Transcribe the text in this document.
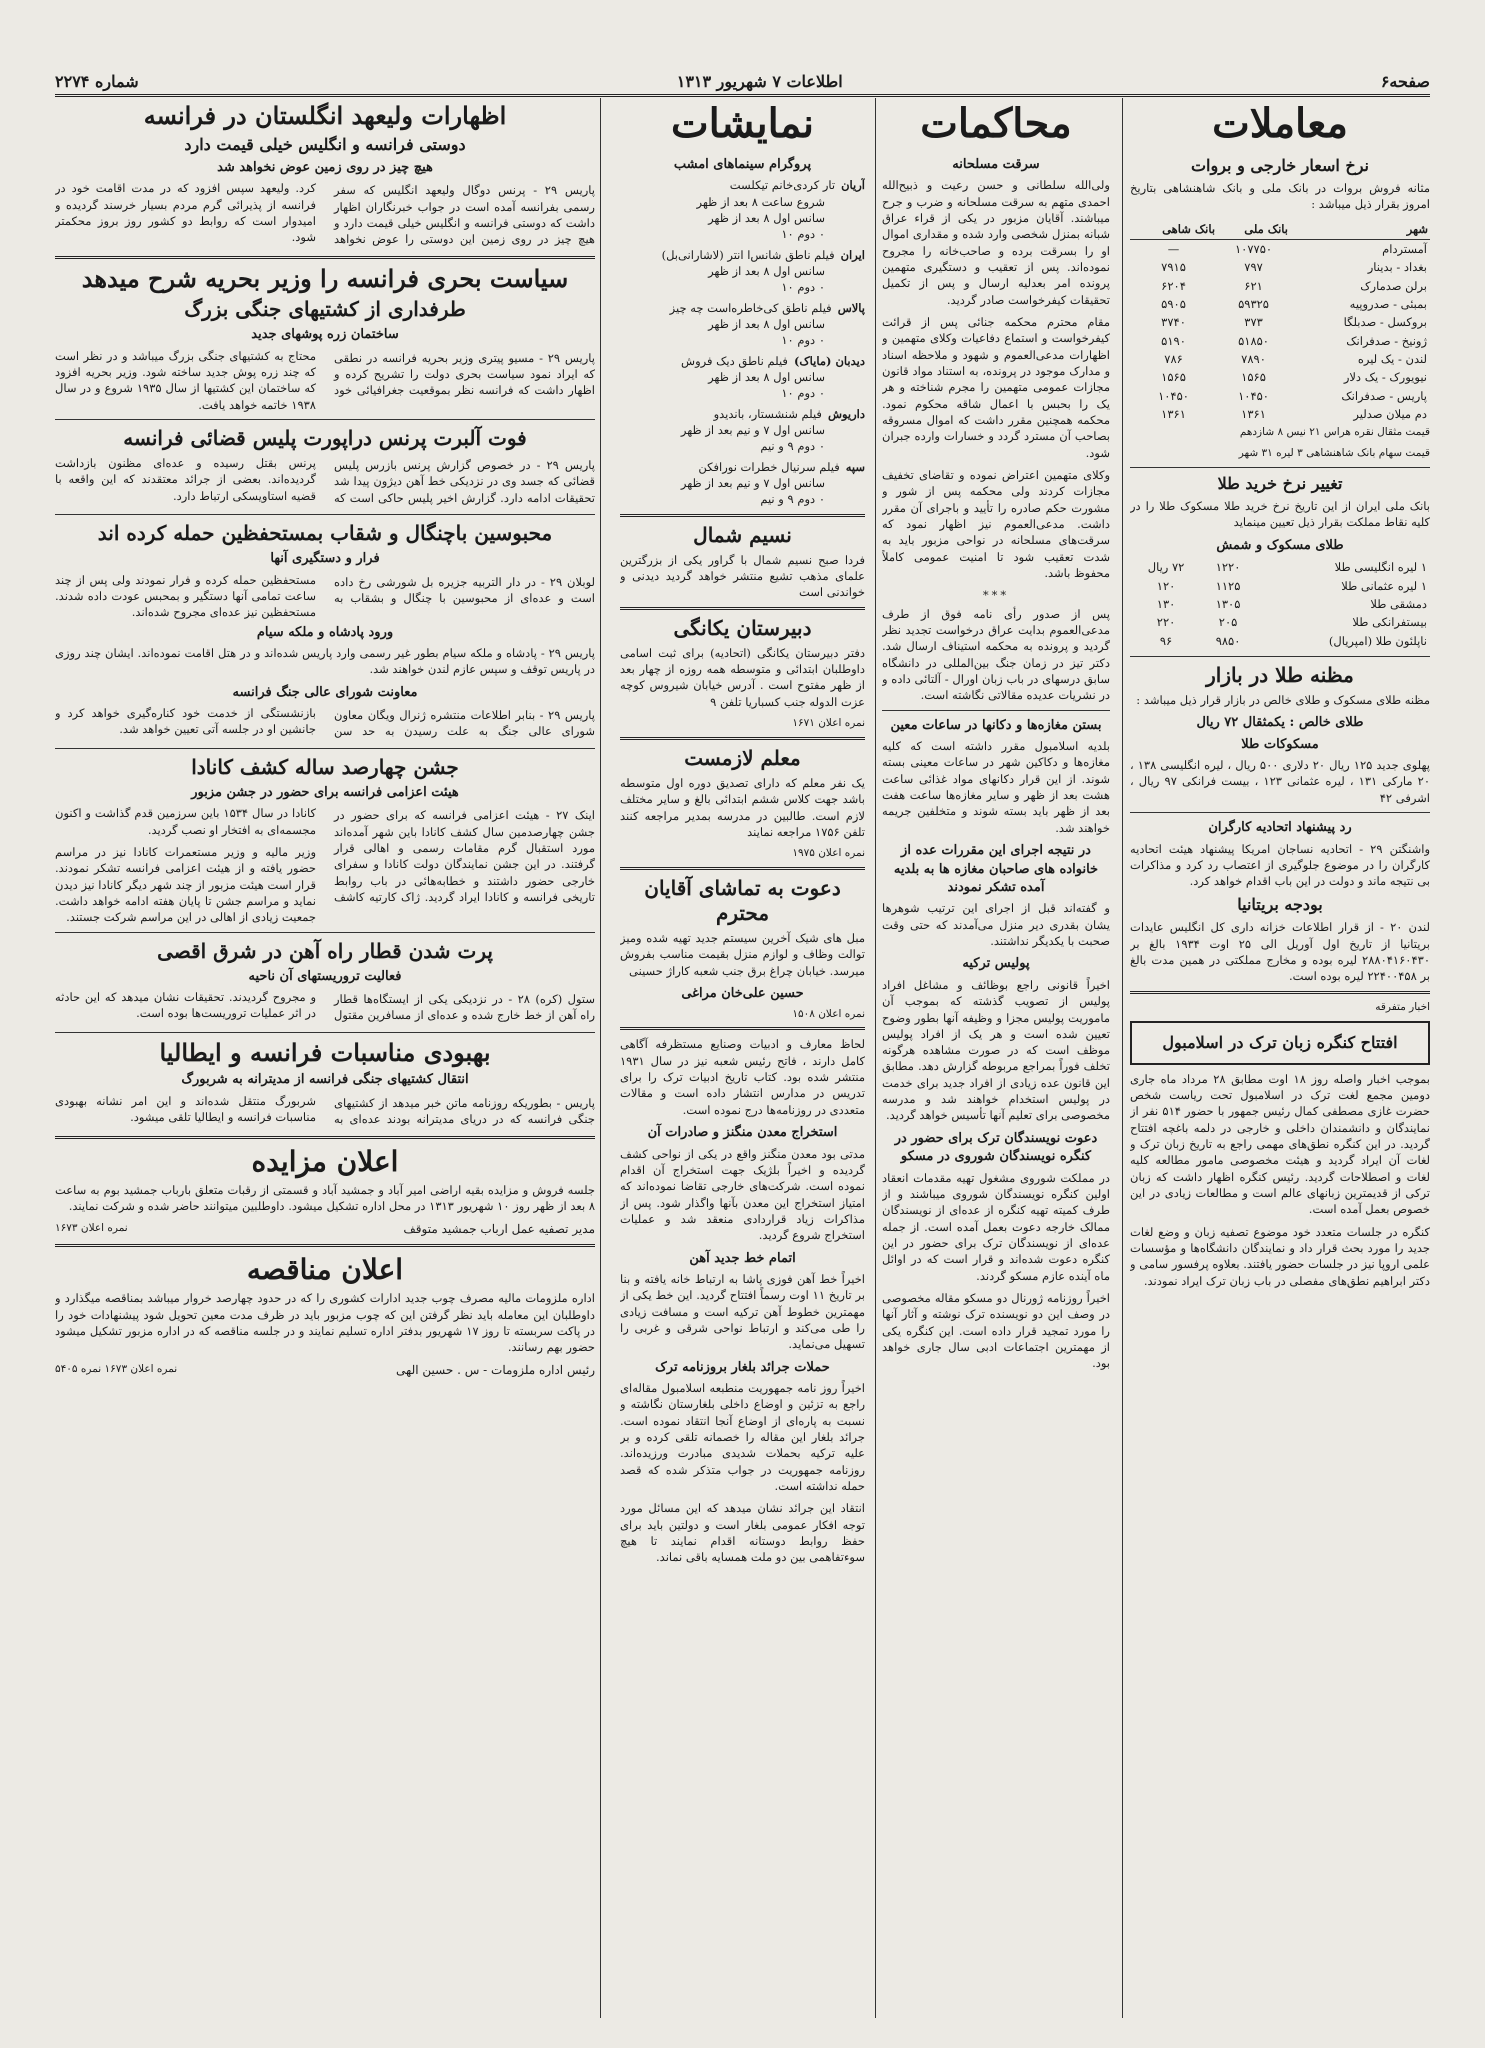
صفحه۶
اطلاعات ۷ شهریور ۱۳۱۳
شماره ۲۲۷۴
معاملات
نرخ اسعار خارجی و بروات

مثانه فروش بروات در بانک ملی و بانک شاهنشاهی بتاریخ امروز بقرار ذیل میباشد :

شهر	بانک ملی	بانک شاهی
آمستردام	۱۰۷۷۵۰	—
بغداد - بدینار	۷۹۷	۷۹۱۵
برلن صدمارک	۶۲۱	۶۲۰۴
بمبئی - صدروپیه	۵۹۳۲۵	۵۹۰۵
بروکسل - صدبلگا	۳۷۳	۳۷۴۰
ژونیخ - صدفرانک	۵۱۸۵۰	۵۱۹۰
لندن - یک لیره	۷۸۹۰	۷۸۶
نیویورک - یک دلار	۱۵۶۵	۱۵۶۵
پاریس - صدفرانک	۱۰۴۵۰	۱۰۴۵۰
دم میلان صدلیر	۱۳۶۱	۱۳۶۱

قیمت مثقال نقره هراس ۲۱ نیس ۸ شازدهم

قیمت سهام بانک شاهنشاهی ۳ لیره ۳۱ شهر

تغییر نرخ خرید طلا

بانک ملی ایران از این تاریخ نرخ خرید طلا مسکوک طلا را در کلیه نقاط مملکت بقرار ذیل تعیین مینماید

طلای مسکوک و شمش
۱ لیره انگلیسی طلا	۱۲۲۰	۷۲ ریال
۱ لیره عثمانی طلا	۱۱۲۵	۱۲۰
دمشقی طلا	۱۳۰۵	۱۳۰
بیستفرانکی طلا	۲۰۵	۲۲۰
ناپلئون طلا (امپریال)	۹۸۵۰	۹۶
مظنه طلا در بازار

مظنه طلای مسکوک و طلای خالص در بازار قرار ذیل میباشد :

طلای خالص : یکمثقال ۷۲ ریال
مسکوکات طلا

پهلوی جدید ۱۲۵ ریال ۲۰ دلاری ۵۰۰ ریال ، لیره انگلیسی ۱۳۸ ، ۲۰ مارکی ۱۳۱ ، لیره عثمانی ۱۲۳ ، بیست فرانکی ۹۷ ریال ، اشرفی ۴۲

رد پیشنهاد اتحادیه کارگران

واشنگتن ۲۹ - اتحادیه نساجان امریکا پیشنهاد هیئت اتحادیه کارگران را در موضوع جلوگیری از اعتصاب رد کرد و مذاکرات بی نتیجه ماند و دولت در این باب اقدام خواهد کرد.

بودجه بریتانیا

لندن ۲۰ - از قرار اطلاعات خزانه داری کل انگلیس عایدات بریتانیا از تاریخ اول آوریل الی ۲۵ اوت ۱۹۳۴ بالغ بر ۲۸۸۰۴۱۶۰۴۳۰ لیره بوده و مخارج مملکتی در همین مدت بالغ بر ۲۲۴۰۰۴۵۸ لیره بوده است.

اخبار متفرقه

افتتاح کنگره زبان ترک در اسلامبول

بموجب اخبار واصله روز ۱۸ اوت مطابق ۲۸ مرداد ماه جاری دومین مجمع لغت ترک در اسلامبول تحت ریاست شخص حضرت غازی مصطفی کمال رئیس جمهور با حضور ۵۱۴ نفر از نمایندگان و دانشمندان داخلی و خارجی در دلمه باغچه افتتاح گردید. در این کنگره نطق‌های مهمی راجع به تاریخ زبان ترک و لغات آن ایراد گردید و هیئت مخصوصی مامور مطالعه کلیه لغات و اصطلاحات گردید. رئیس کنگره اظهار داشت که زبان ترکی از قدیمترین زبانهای عالم است و مطالعات زیادی در این خصوص بعمل آمده است.

کنگره در جلسات متعدد خود موضوع تصفیه زبان و وضع لغات جدید را مورد بحث قرار داد و نمایندگان دانشگاه‌ها و مؤسسات علمی اروپا نیز در جلسات حضور یافتند. بعلاوه پرفسور سامی و دکتر ابراهیم نطق‌های مفصلی در باب زبان ترک ایراد نمودند.

محاکمات
سرقت مسلحانه

ولی‌الله سلطانی و حسن رعیت و ذبیح‌الله احمدی متهم به سرقت مسلحانه و ضرب و جرح میباشند. آقایان مزبور در یکی از قراء عراق شبانه بمنزل شخصی وارد شده و مقداری اموال او را بسرقت برده و صاحب‌خانه را مجروح نموده‌اند. پس از تعقیب و دستگیری متهمین پرونده امر بعدلیه ارسال و پس از تکمیل تحقیقات کیفرخواست صادر گردید.

مقام محترم محکمه جنائی پس از قرائت کیفرخواست و استماع دفاعیات وکلای متهمین و اظهارات مدعی‌العموم و شهود و ملاحظه اسناد و مدارک موجود در پرونده، به استناد مواد قانون مجازات عمومی متهمین را مجرم شناخته و هر یک را بحبس با اعمال شاقه محکوم نمود. محکمه همچنین مقرر داشت که اموال مسروقه بصاحب آن مسترد گردد و خسارات وارده جبران شود.

وکلای متهمین اعتراض نموده و تقاضای تخفیف مجازات کردند ولی محکمه پس از شور و مشورت حکم صادره را تأیید و باجرای آن مقرر داشت. مدعی‌العموم نیز اظهار نمود که سرقت‌های مسلحانه در نواحی مزبور باید به شدت تعقیب شود تا امنیت عمومی کاملاً محفوظ باشد.

***

پس از صدور رأی نامه فوق از طرف مدعی‌العموم بدایت عراق درخواست تجدید نظر گردید و پرونده به محکمه استیناف ارسال شد. دکتر تیز در زمان جنگ بین‌المللی در دانشگاه سابق درسهای در باب زبان اورال - آلتائی داده و در نشریات عدیده مقالاتی نگاشته است.

بستن مغازه‌ها و دکانها در ساعات معین

بلدیه اسلامبول مقرر داشته است که کلیه مغازه‌ها و دکاکین شهر در ساعات معینی بسته شوند. از این قرار دکانهای مواد غذائی ساعت هشت بعد از ظهر و سایر مغازه‌ها ساعت هفت بعد از ظهر باید بسته شوند و متخلفین جریمه خواهند شد.

در نتیجه اجرای این مقررات عده از خانواده های صاحبان مغازه ها به بلدیه آمده تشکر نمودند

و گفته‌اند قبل از اجرای این ترتیب شوهرها یشان بقدری دیر منزل می‌آمدند که حتی وقت صحبت با یکدیگر نداشتند.

پولیس ترکیه

اخیراً قانونی راجع بوظائف و مشاغل افراد پولیس از تصویب گذشته که بموجب آن ماموریت پولیس مجزا و وظیفه آنها بطور وضوح تعیین شده است و هر یک از افراد پولیس موظف است که در صورت مشاهده هرگونه تخلف فوراً بمراجع مربوطه گزارش دهد. مطابق این قانون عده زیادی از افراد جدید برای خدمت در پولیس استخدام خواهند شد و مدرسه مخصوصی برای تعلیم آنها تأسیس خواهد گردید.

دعوت نویسندگان ترک برای حضور در کنگره نویسندگان شوروی در مسکو

در مملکت شوروی مشغول تهیه مقدمات انعقاد اولین کنگره نویسندگان شوروی میباشند و از طرف کمیته تهیه کنگره از عده‌ای از نویسندگان ممالک خارجه دعوت بعمل آمده است. از جمله عده‌ای از نویسندگان ترک برای حضور در این کنگره دعوت شده‌اند و قرار است که در اوائل ماه آینده عازم مسکو گردند.

اخیراً روزنامه ژورنال دو مسکو مقاله مخصوصی در وصف این دو نویسنده ترک نوشته و آثار آنها را مورد تمجید قرار داده است. این کنگره یکی از مهمترین اجتماعات ادبی سال جاری خواهد بود.

نمایشات
پروگرام سینماهای امشب
آریان
تار کردی‌خانم تیکلست
شروع ساعت ۸ بعد از ظهر
سانس اول ۸ بعد از ظهر
۰ دوم ۱۰
ایران
فیلم ناطق شانس‌ا انتر (لاشارانی‌بل)
سانس اول ۸ بعد از ظهر
۰ دوم ۱۰
پالاس
فیلم ناطق کی‌خاطره‌است چه چیز
سانس اول ۸ بعد از ظهر
۰ دوم ۱۰
دیدبان (مایاک)
فیلم ناطق دیک فروش
سانس اول ۸ بعد از ظهر
۰ دوم ۱۰
داریوش
فیلم شنشستار، باندیدو
سانس اول ۷ و نیم بعد از ظهر
۰ دوم ۹ و نیم
سپه
فیلم سرنیال خطرات نورافکن
سانس اول ۷ و نیم بعد از ظهر
۰ دوم ۹ و نیم
نسیم شمال

فردا صبح نسیم شمال با گراور یکی از بزرگترین علمای مذهب تشیع منتشر خواهد گردید دیدنی و خواندنی است

دبیرستان یکانگی

دفتر دبیرستان یکانگی (اتحادیه) برای ثبت اسامی داوطلبان ابتدائی و متوسطه همه روزه از چهار بعد از ظهر مفتوح است . آدرس خیابان شیروس کوچه عزت الدوله جنب کسباریا تلفن ۹

نمره اعلان ۱۶۷۱

معلم لازمست

یک نفر معلم که دارای تصدیق دوره اول متوسطه باشد جهت کلاس ششم ابتدائی بالغ و سایر مختلف لازم است. طالبین در مدرسه بمدیر مراجعه کنند تلفن ۱۷۵۶ مراجعه نمایند

نمره اعلان ۱۹۷۵

دعوت به تماشای آقایان محترم

مبل های شیک آخرین سیستم جدید تهیه شده ومیز توالت وظاف و لوازم منزل بقیمت مناسب بفروش میرسد. خیابان چراغ برق جنب شعبه کاراژ حسینی

حسین علی‌خان مراغی

نمره اعلان ۱۵۰۸

لحاظ معارف و ادبیات وصنایع مستظرفه آگاهی کامل دارند ، فاتح رئیس شعبه نیز در سال ۱۹۳۱ منتشر شده بود. کتاب تاریخ ادبیات ترک را برای تدریس در مدارس انتشار داده است و مقالات متعددی در روزنامه‌ها درج نموده است.

استخراج معدن منگنز و صادرات آن

مدتی بود معدن منگنز واقع در یکی از نواحی کشف گردیده و اخیراً بلژیک جهت استخراج آن اقدام نموده است. شرکت‌های خارجی تقاضا نموده‌اند که امتیاز استخراج این معدن بآنها واگذار شود. پس از مذاکرات زیاد قراردادی منعقد شد و عملیات استخراج شروع گردید.

اتمام خط جدید آهن

اخیراً خط آهن فوزی پاشا به ارتباط خانه یافته و بنا بر تاریخ ۱۱ اوت رسماً افتتاح گردید. این خط یکی از مهمترین خطوط آهن ترکیه است و مسافت زیادی را طی می‌کند و ارتباط نواحی شرقی و غربی را تسهیل می‌نماید.

حملات جرائد بلغار بروزنامه ترک

اخیراً روز نامه جمهوریت منطبعه اسلامبول مقاله‌ای راجع به تزئین و اوضاع داخلی بلغارستان نگاشته و نسبت به پاره‌ای از اوضاع آنجا انتقاد نموده است. جرائد بلغار این مقاله را خصمانه تلقی کرده و بر علیه ترکیه بحملات شدیدی مبادرت ورزیده‌اند. روزنامه جمهوریت در جواب متذکر شده که قصد حمله نداشته است.

انتقاد این جرائد نشان میدهد که این مسائل مورد توجه افکار عمومی بلغار است و دولتین باید برای حفظ روابط دوستانه اقدام نمایند تا هیچ سوءتفاهمی بین دو ملت همسایه باقی نماند.

اظهارات ولیعهد انگلستان در فرانسه
دوستی فرانسه و انگلیس خیلی قیمت دارد
هیچ چیز در روی زمین عوض نخواهد شد

پاریس ۲۹ - پرنس دوگال ولیعهد انگلیس که سفر رسمی بفرانسه آمده است در جواب خبرنگاران اظهار داشت که دوستی فرانسه و انگلیس خیلی قیمت دارد و هیچ چیز در روی زمین این دوستی را عوض نخواهد کرد. ولیعهد سپس افزود که در مدت اقامت خود در فرانسه از پذیرائی گرم مردم بسیار خرسند گردیده و امیدوار است که روابط دو کشور روز بروز محکمتر شود.

سیاست بحری فرانسه را وزیر بحریه شرح میدهد
طرفداری از کشتیهای جنگی بزرگ
ساختمان زره پوشهای جدید

پاریس ۲۹ - مسیو پیتری وزیر بحریه فرانسه در نطقی که ایراد نمود سیاست بحری دولت را تشریح کرده و اظهار داشت که فرانسه نظر بموقعیت جغرافیائی خود محتاج به کشتیهای جنگی بزرگ میباشد و در نظر است که چند زره پوش جدید ساخته شود. وزیر بحریه افزود که ساختمان این کشتیها از سال ۱۹۳۵ شروع و در سال ۱۹۳۸ خاتمه خواهد یافت.

فوت آلبرت پرنس دراپورت پلیس قضائی فرانسه

پاریس ۲۹ - در خصوص گزارش پرنس بازرس پلیس قضائی که جسد وی در نزدیکی خط آهن دیژون پیدا شد تحقیقات ادامه دارد. گزارش اخیر پلیس حاکی است که پرنس بقتل رسیده و عده‌ای مظنون بازداشت گردیده‌اند. بعضی از جرائد معتقدند که این واقعه با قضیه استاویسکی ارتباط دارد.

محبوسین باچنگال و شقاب بمستحفظین حمله کرده اند
فرار و دستگیری آنها

لوبلان ۲۹ - در دار التربیه جزیره بل شورشی رخ داده است و عده‌ای از محبوسین با چنگال و بشقاب به مستحفظین حمله کرده و فرار نمودند ولی پس از چند ساعت تمامی آنها دستگیر و بمحبس عودت داده شدند. مستحفظین نیز عده‌ای مجروح شده‌اند.

ورود پادشاه و ملکه سیام

پاریس ۲۹ - پادشاه و ملکه سیام بطور غیر رسمی وارد پاریس شده‌اند و در هتل اقامت نموده‌اند. ایشان چند روزی در پاریس توقف و سپس عازم لندن خواهند شد.

معاونت شورای عالی جنگ فرانسه

پاریس ۲۹ - بنابر اطلاعات منتشره ژنرال ویگان معاون شورای عالی جنگ به علت رسیدن به حد سن بازنشستگی از خدمت خود کناره‌گیری خواهد کرد و جانشین او در جلسه آتی تعیین خواهد شد.

جشن چهارصد ساله کشف کانادا
هیئت اعزامی فرانسه برای حضور در جشن مزبور

اینک ۲۷ - هیئت اعزامی فرانسه که برای حضور در جشن چهارصدمین سال کشف کانادا باین شهر آمده‌اند مورد استقبال گرم مقامات رسمی و اهالی قرار گرفتند. در این جشن نمایندگان دولت کانادا و سفرای خارجی حضور داشتند و خطابه‌هائی در باب روابط تاریخی فرانسه و کانادا ایراد گردید. ژاک کارتیه کاشف کانادا در سال ۱۵۳۴ باین سرزمین قدم گذاشت و اکنون مجسمه‌ای به افتخار او نصب گردید.

وزیر مالیه و وزیر مستعمرات کانادا نیز در مراسم حضور یافته و از هیئت اعزامی فرانسه تشکر نمودند. قرار است هیئت مزبور از چند شهر دیگر کانادا نیز دیدن نماید و مراسم جشن تا پایان هفته ادامه خواهد داشت. جمعیت زیادی از اهالی در این مراسم شرکت جستند.

پرت شدن قطار راه آهن در شرق اقصی
فعالیت تروریستهای آن ناحیه

ستول (کره) ۲۸ - در نزدیکی یکی از ایستگاه‌ها قطار راه آهن از خط خارج شده و عده‌ای از مسافرین مقتول و مجروح گردیدند. تحقیقات نشان میدهد که این حادثه در اثر عملیات تروریست‌ها بوده است.

بهبودی مناسبات فرانسه و ایطالیا
انتقال کشتیهای جنگی فرانسه از مدیترانه به شربورگ

پاریس - بطوریکه روزنامه ماتن خبر میدهد از کشتیهای جنگی فرانسه که در دریای مدیترانه بودند عده‌ای به شربورگ منتقل شده‌اند و این امر نشانه بهبودی مناسبات فرانسه و ایطالیا تلقی میشود.

اعلان مزایده

جلسه فروش و مزایده بقیه اراضی امیر آباد و جمشید آباد و قسمتی از رقبات متعلق بارباب جمشید بوم به ساعت ۸ بعد از ظهر روز ۱۰ شهریور ۱۳۱۳ در محل اداره تشکیل میشود. داوطلبین میتوانند حاضر شده و شرکت نمایند.

مدیر تصفیه عمل ارباب جمشید متوقف
نمره اعلان ۱۶۷۳
اعلان مناقصه

اداره ملزومات مالیه مصرف چوب جدید ادارات کشوری را که در حدود چهارصد خروار میباشد بمناقصه میگذارد و داوطلبان این معامله باید نظر گرفتن این که چوب مزبور باید در ظرف مدت معین تحویل شود پیشنهادات خود را در پاکت سربسته تا روز ۱۷ شهریور بدفتر اداره تسلیم نمایند و در جلسه مناقصه که در اداره مزبور تشکیل میشود حضور بهم رسانند.

رئیس اداره ملزومات - س . حسین الهی
نمره اعلان ۱۶۷۳ نمره ۵۴۰۵
